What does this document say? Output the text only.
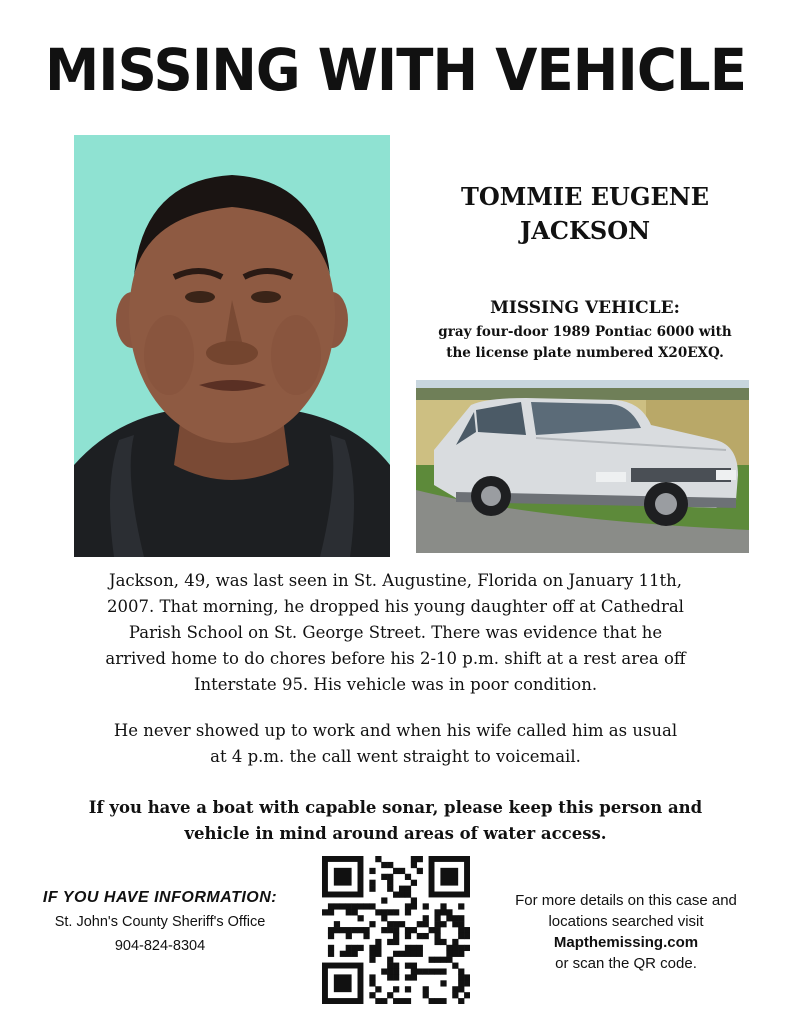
MISSING WITH VEHICLE
TOMMIE EUGENE
JACKSON
MISSING VEHICLE:
gray four-door 1989 Pontiac 6000 with
the license plate numbered X20EXQ.
Jackson, 49, was last seen in St. Augustine, Florida on January 11th,
2007. That morning, he dropped his young daughter off at Cathedral
Parish School on St. George Street. There was evidence that he
arrived home to do chores before his 2-10 p.m. shift at a rest area off
Interstate 95. His vehicle was in poor condition.
He never showed up to work and when his wife called him as usual
at 4 p.m. the call went straight to voicemail.
If you have a boat with capable sonar, please keep this person and
vehicle in mind around areas of water access.
IF YOU HAVE INFORMATION:
St. John's County Sheriff's Office
904-824-8304
For more details on this case and
locations searched visit
Mapthemissing.com
or scan the QR code.
